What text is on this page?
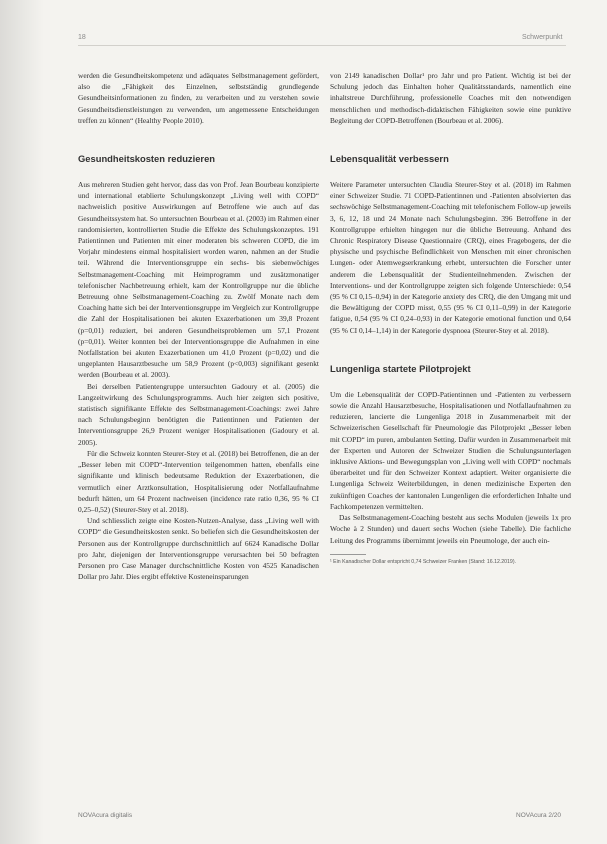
18	Schwerpunkt

werden die Gesundheitskompetenz und adäquates Selbstmanagement gefördert, also die „Fähigkeit des Einzelnen, selbstständig grundlegende Gesundheitsinformationen zu finden, zu verarbeiten und zu verstehen sowie Gesundheitsdienstleistungen zu verwenden, um angemessene Entscheidungen treffen zu können“ (Healthy People 2010).

Gesundheitskosten reduzieren

Aus mehreren Studien geht hervor, dass das von Prof. Jean Bourbeau konzipierte und international etablierte Schulungskonzept „Living well with COPD“ nachweislich positive Auswirkungen auf Betroffene wie auch auf das Gesundheitssystem hat. So untersuchten Bourbeau et al. (2003) im Rahmen einer randomisierten, kontrollierten Studie die Effekte des Schulungskonzeptes. 191 Patientinnen und Patienten mit einer moderaten bis schweren COPD, die im Vorjahr mindestens einmal hospitalisiert worden waren, nahmen an der Studie teil. Während die Interventionsgruppe ein sechs- bis siebenwöchiges Selbstmanagement-Coaching mit Heimprogramm und zusätzmonatiger telefonischer Nachbetreuung erhielt, kam der Kontrollgruppe nur die übliche Betreuung ohne Selbstmanagement-Coaching zu. Zwölf Monate nach dem Coaching hatte sich bei der Interventionsgruppe im Vergleich zur Kontrollgruppe die Zahl der Hospitalisationen bei akuten Exazerbationen um 39,8 Prozent (p=0,01) reduziert, bei anderen Gesundheitsproblemen um 57,1 Prozent (p=0,01). Weiter konnten bei der Interventionsgruppe die Aufnahmen in eine Notfallstation bei akuten Exazerbationen um 41,0 Prozent (p=0,02) und die ungeplanten Hausarztbesuche um 58,9 Prozent (p<0,003) signifikant gesenkt werden (Bourbeau et al. 2003).

Bei derselben Patientengruppe untersuchten Gadoury et al. (2005) die Langzeitwirkung des Schulungsprogramms. Auch hier zeigten sich positive, statistisch signifikante Effekte des Selbstmanagement-Coachings: zwei Jahre nach Schulungsbeginn benötigten die Patientinnen und Patienten der Interventionsgruppe 26,9 Prozent weniger Hospitalisationen (Gadoury et al. 2005).

Für die Schweiz konnten Steurer-Stey et al. (2018) bei Betroffenen, die an der „Besser leben mit COPD“-Intervention teilgenommen hatten, ebenfalls eine signifikante und klinisch bedeutsame Reduktion der Exazerbationen, die vermutlich einer Arztkonsultation, Hospitalisierung oder Notfallaufnahme bedurft hätten, um 64 Prozent nachweisen (incidence rate ratio 0,36, 95 % CI 0,25–0,52) (Steurer-Stey et al. 2018).

Und schliesslich zeigte eine Kosten-Nutzen-Analyse, dass „Living well with COPD“ die Gesundheitskosten senkt. So beliefen sich die Gesundheitskosten der Personen aus der Kontrollgruppe durchschnittlich auf 6624 Kanadische Dollar pro Jahr, diejenigen der Interventionsgruppe verursachten bei 50 befragten Personen pro Case Manager durchschnittliche Kosten von 4525 Kanadischen Dollar pro Jahr. Dies ergibt effektive Kosteneinsparungen

von 2149 kanadischen Dollar¹ pro Jahr und pro Patient. Wichtig ist bei der Schulung jedoch das Einhalten hoher Qualitätsstandards, namentlich eine inhaltstreue Durchführung, professionelle Coaches mit den notwendigen menschlichen und methodisch-didaktischen Fähigkeiten sowie eine punktive Begleitung der COPD-Betroffenen (Bourbeau et al. 2006).

Lebensqualität verbessern

Weitere Parameter untersuchten Claudia Steurer-Stey et al. (2018) im Rahmen einer Schweizer Studie. 71 COPD-Patientinnen und -Patienten absolvierten das sechswöchige Selbstmanagement-Coaching mit telefonischem Follow-up jeweils 3, 6, 12, 18 und 24 Monate nach Schulungsbeginn. 396 Betroffene in der Kontrollgruppe erhielten hingegen nur die übliche Betreuung. Anhand des Chronic Respiratory Disease Questionnaire (CRQ), eines Fragebogens, der die physische und psychische Befindlichkeit von Menschen mit einer chronischen Lungen- oder Atemwegserkrankung erhebt, untersuchten die Forscher unter anderem die Lebensqualität der Studienteilnehmenden. Zwischen der Interventions- und der Kontrollgruppe zeigten sich folgende Unterschiede: 0,54 (95 % CI 0,15–0,94) in der Kategorie anxiety des CRQ, die den Umgang mit und die Bewältigung der COPD misst, 0,55 (95 % CI 0,11–0,99) in der Kategorie fatigue, 0,54 (95 % CI 0,24–0,93) in der Kategorie emotional function und 0,64 (95 % CI 0,14–1,14) in der Kategorie dyspnoea (Steurer-Stey et al. 2018).

Lungenliga startete Pilotprojekt

Um die Lebensqualität der COPD-Patientinnen und -Patienten zu verbessern sowie die Anzahl Hausarztbesuche, Hospitalisationen und Notfallaufnahmen zu reduzieren, lancierte die Lungenliga 2018 in Zusammenarbeit mit der Schweizerischen Gesellschaft für Pneumologie das Pilotprojekt „Besser leben mit COPD“ im puren, ambulanten Setting. Dafür wurden in Zusammenarbeit mit der Experten und Autoren der Schweizer Studien die Schulungsunterlagen inklusive Aktions- und Bewegungsplan von „Living well with COPD“ nochmals überarbeitet und für den Schweizer Kontext adaptiert. Weiter organisierte die Lungenliga Schweiz Weiterbildungen, in denen medizinische Experten den zukünftigen Coaches der kantonalen Lungenligen die erforderlichen Inhalte und Fachkompetenzen vermittelten.

Das Selbstmanagement-Coaching besteht aus sechs Modulen (jeweils 1x pro Woche à 2 Stunden) und dauert sechs Wochen (siehe Tabelle). Die fachliche Leitung des Programms übernimmt jeweils ein Pneumologe, der auch ein-

¹ Ein Kanadischer Dollar entspricht 0,74 Schweizer Franken (Stand: 16.12.2019).
NOVAcura digitalis	NOVAcura 2/20
